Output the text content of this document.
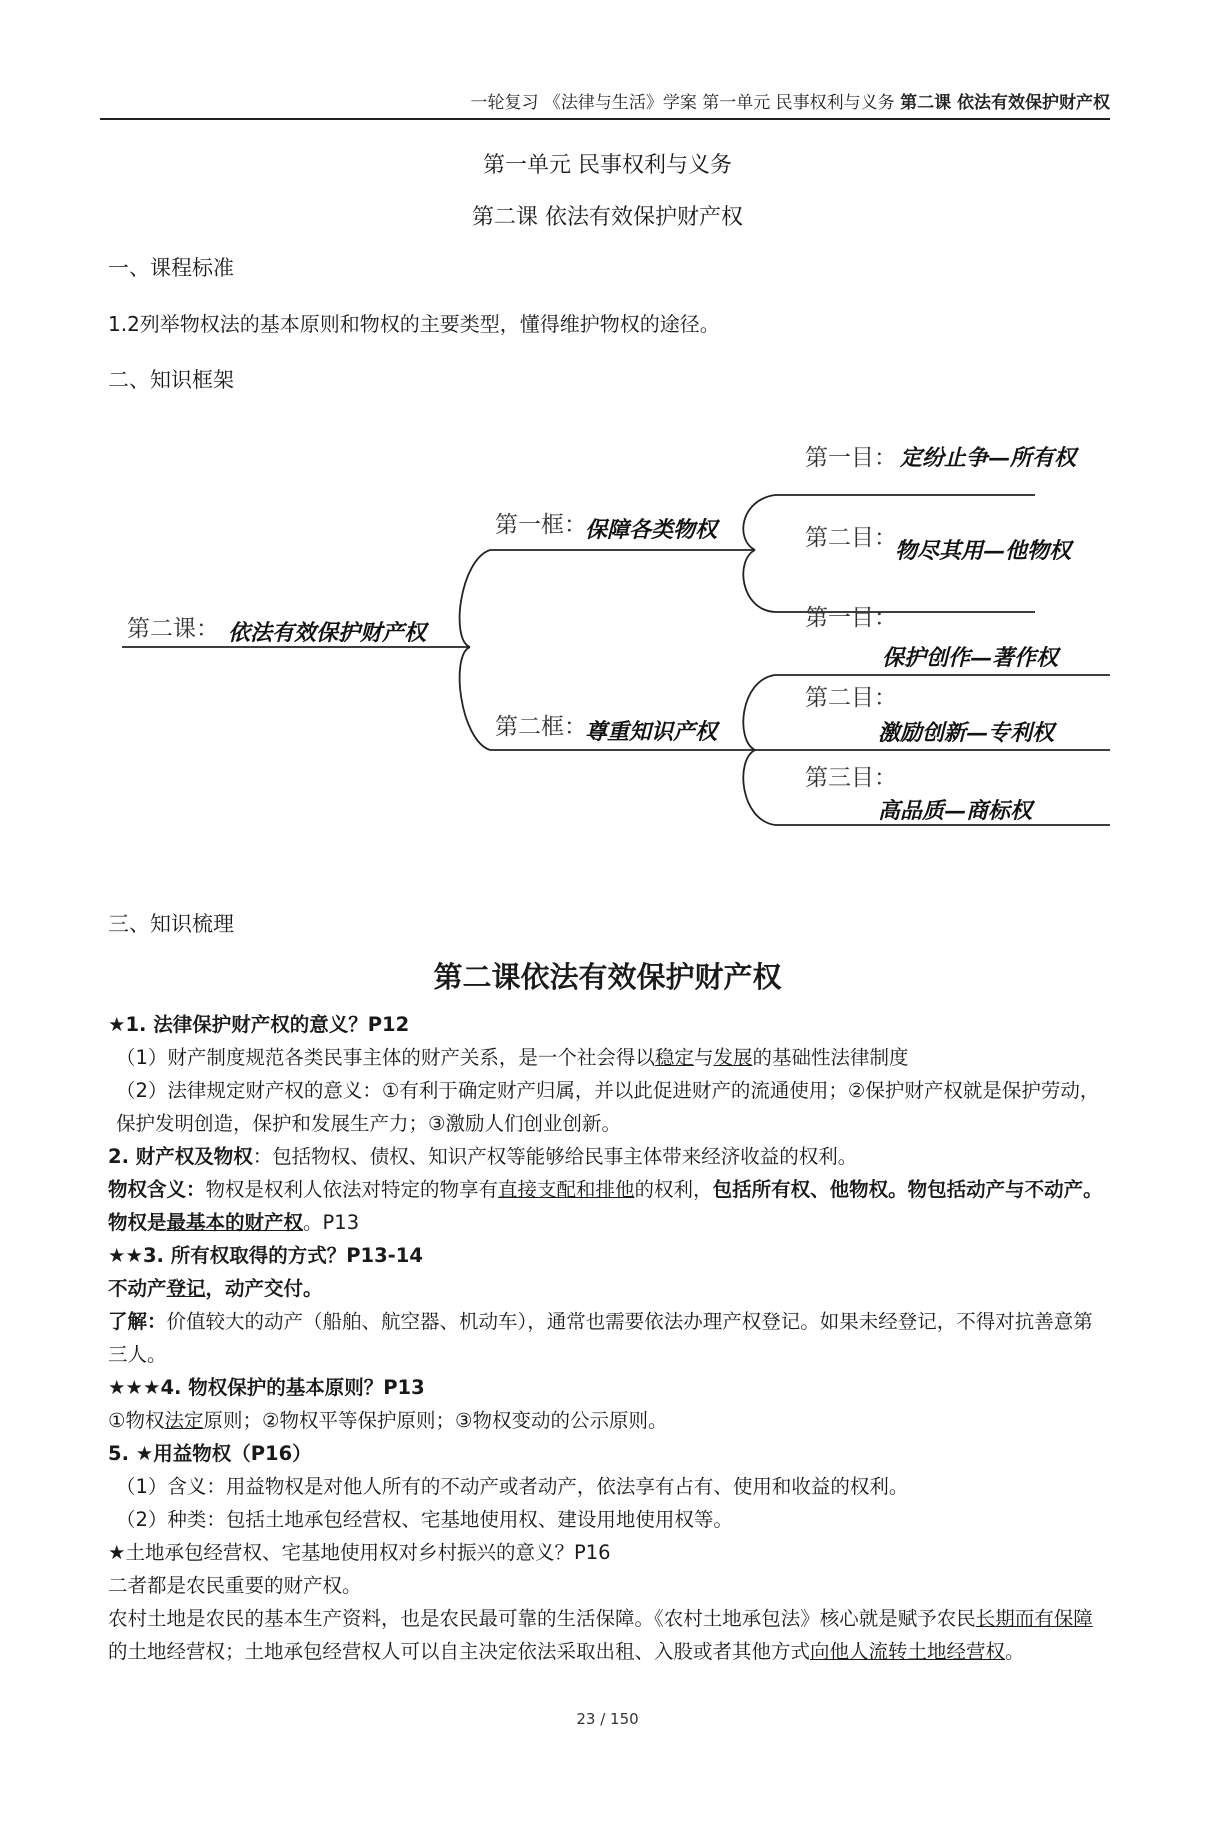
一轮复习 《法律与生活》学案 第一单元 民事权利与义务 第二课 依法有效保护财产权
第一单元 民事权利与义务
第二课 依法有效保护财产权
一、课程标准
1.2列举物权法的基本原则和物权的主要类型，懂得维护物权的途径。
二、知识框架
第二课： 依法有效保护财产权
第一框：
保障各类物权
第二框：
尊重知识产权
第一目： 定纷止争—所有权
第二目：
物尽其用—他物权
第一目：
保护创作—著作权
第二目：
激励创新—专利权
第三目：
高品质—商标权
三、知识梳理
第二课依法有效保护财产权

★1. 法律保护财产权的意义？P12

（1）财产制度规范各类民事主体的财产关系，是一个社会得以稳定与发展的基础性法律制度

（2）法律规定财产权的意义：①有利于确定财产归属，并以此促进财产的流通使用；②保护财产权就是保护劳动，保护发明创造，保护和发展生产力；③激励人们创业创新。

2. 财产权及物权：包括物权、债权、知识产权等能够给民事主体带来经济收益的权利。

物权含义：物权是权利人依法对特定的物享有直接支配和排他的权利，包括所有权、他物权。物包括动产与不动产。物权是最基本的财产权。P13

★★3. 所有权取得的方式？P13-14

不动产登记，动产交付。

了解：价值较大的动产（船舶、航空器、机动车），通常也需要依法办理产权登记。如果未经登记，不得对抗善意第三人。

★★★4. 物权保护的基本原则？P13

①物权法定原则；②物权平等保护原则；③物权变动的公示原则。

5. ★用益物权（P16）

（1）含义：用益物权是对他人所有的不动产或者动产，依法享有占有、使用和收益的权利。

（2）种类：包括土地承包经营权、宅基地使用权、建设用地使用权等。

★土地承包经营权、宅基地使用权对乡村振兴的意义？P16

二者都是农民重要的财产权。

农村土地是农民的基本生产资料，也是农民最可靠的生活保障。《农村土地承包法》核心就是赋予农民长期而有保障的土地经营权；土地承包经营权人可以自主决定依法采取出租、入股或者其他方式向他人流转土地经营权。

23 / 150
